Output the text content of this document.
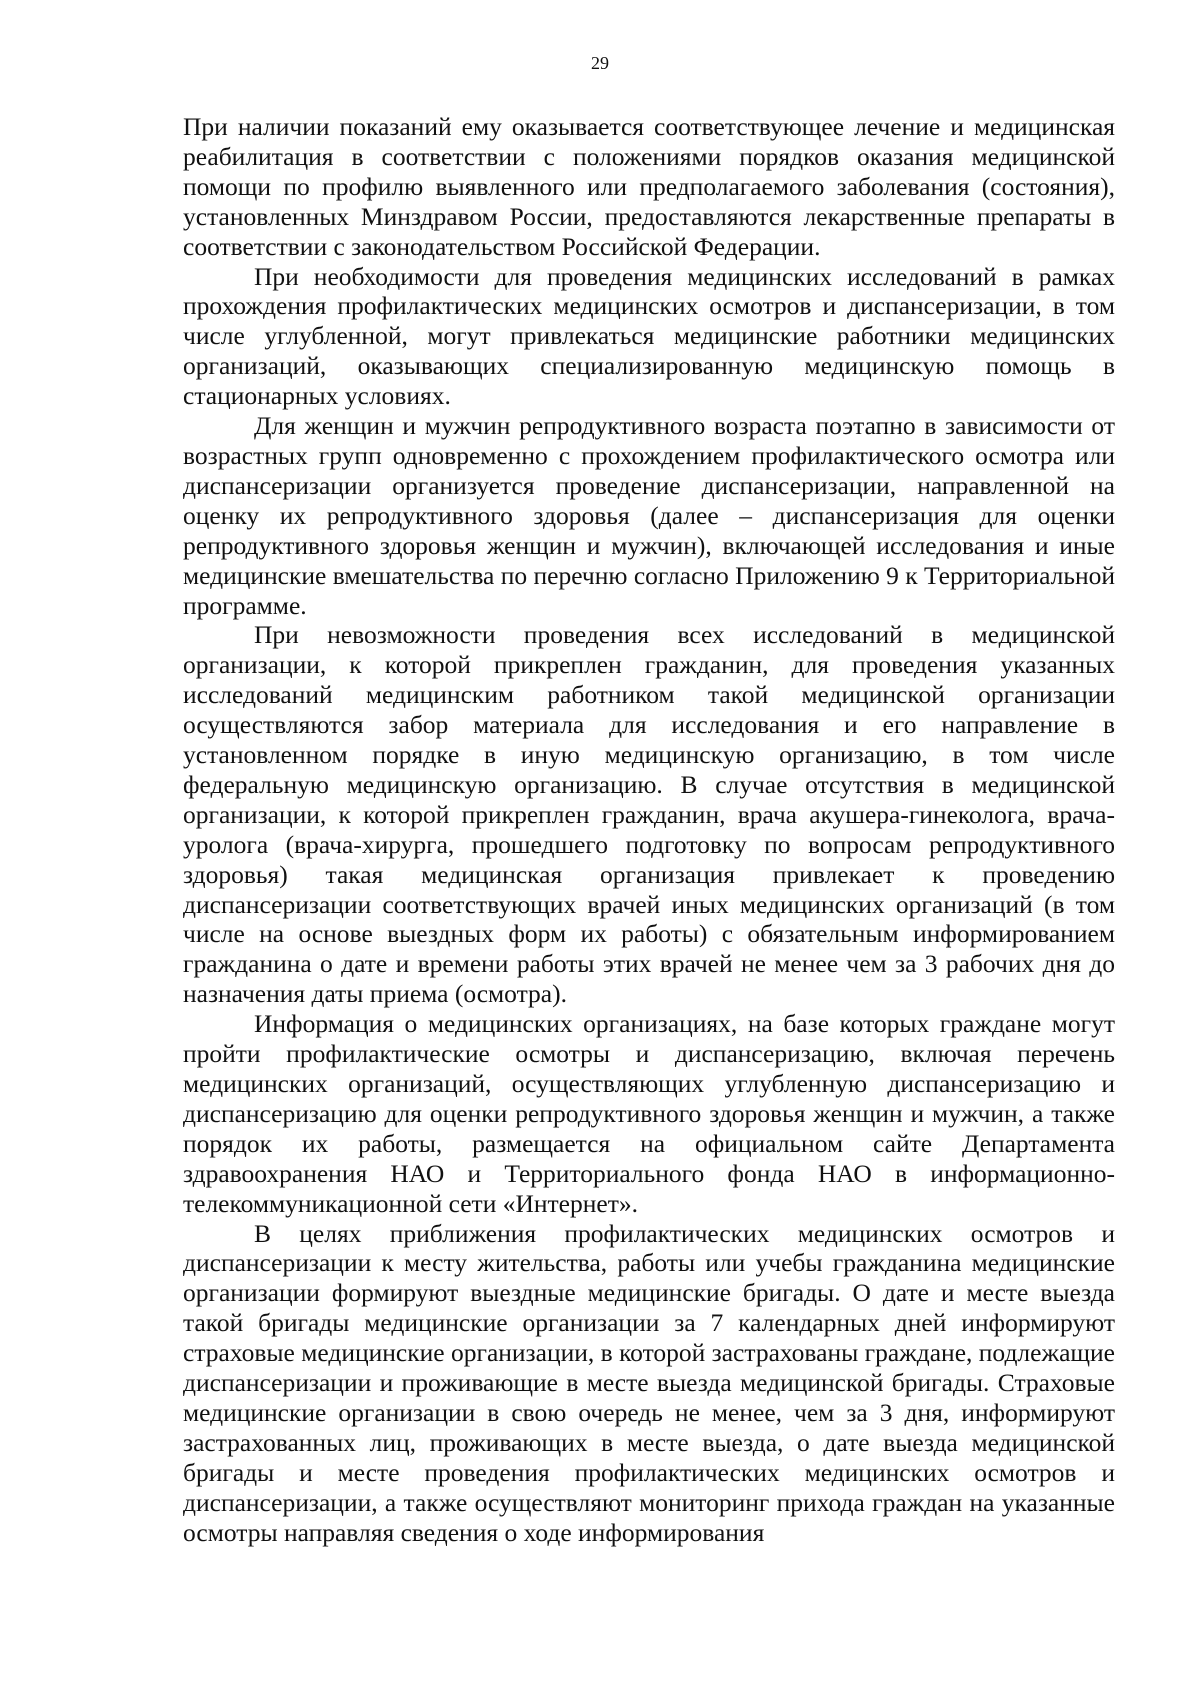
29

При наличии показаний ему оказывается соответствующее лечение и медицинская реабилитация в соответствии с положениями порядков оказания медицинской помощи по профилю выявленного или предполагаемого заболевания (состояния), установленных Минздравом России, предоставляются лекарственные препараты в соответствии с законодательством Российской Федерации.

При необходимости для проведения медицинских исследований в рамках прохождения профилактических медицинских осмотров и диспансеризации, в том числе углубленной, могут привлекаться медицинские работники медицинских организаций, оказывающих специализированную медицинскую помощь в стационарных условиях.

Для женщин и мужчин репродуктивного возраста поэтапно в зависимости от возрастных групп одновременно с прохождением профилактического осмотра или диспансеризации организуется проведение диспансеризации, направленной на оценку их репродуктивного здоровья (далее – диспансеризация для оценки репродуктивного здоровья женщин и мужчин), включающей исследования и иные медицинские вмешательства по перечню согласно Приложению 9 к Территориальной программе.

При невозможности проведения всех исследований в медицинской организации, к которой прикреплен гражданин, для проведения указанных исследований медицинским работником такой медицинской организации осуществляются забор материала для исследования и его направление в установленном порядке в иную медицинскую организацию, в том числе федеральную медицинскую организацию. В случае отсутствия в медицинской организации, к которой прикреплен гражданин, врача акушера-гинеколога, врача-уролога (врача-хирурга, прошедшего подготовку по вопросам репродуктивного здоровья) такая медицинская организация привлекает к проведению диспансеризации соответствующих врачей иных медицинских организаций (в том числе на основе выездных форм их работы) с обязательным информированием гражданина о дате и времени работы этих врачей не менее чем за 3 рабочих дня до назначения даты приема (осмотра).

Информация о медицинских организациях, на базе которых граждане могут пройти профилактические осмотры и диспансеризацию, включая перечень медицинских организаций, осуществляющих углубленную диспансеризацию и диспансеризацию для оценки репродуктивного здоровья женщин и мужчин, а также порядок их работы, размещается на официальном сайте Департамента здравоохранения НАО и Территориального фонда НАО в информационно-телекоммуникационной сети «Интернет».

В целях приближения профилактических медицинских осмотров и диспансеризации к месту жительства, работы или учебы гражданина медицинские организации формируют выездные медицинские бригады. О дате и месте выезда такой бригады медицинские организации за 7 календарных дней информируют страховые медицинские организации, в которой застрахованы граждане, подлежащие диспансеризации и проживающие в месте выезда медицинской бригады. Страховые медицинские организации в свою очередь не менее, чем за 3 дня, информируют застрахованных лиц, проживающих в месте выезда, о дате выезда медицинской бригады и месте проведения профилактических медицинских осмотров и диспансеризации, а также осуществляют мониторинг прихода граждан на указанные осмотры направляя сведения о ходе информирования
